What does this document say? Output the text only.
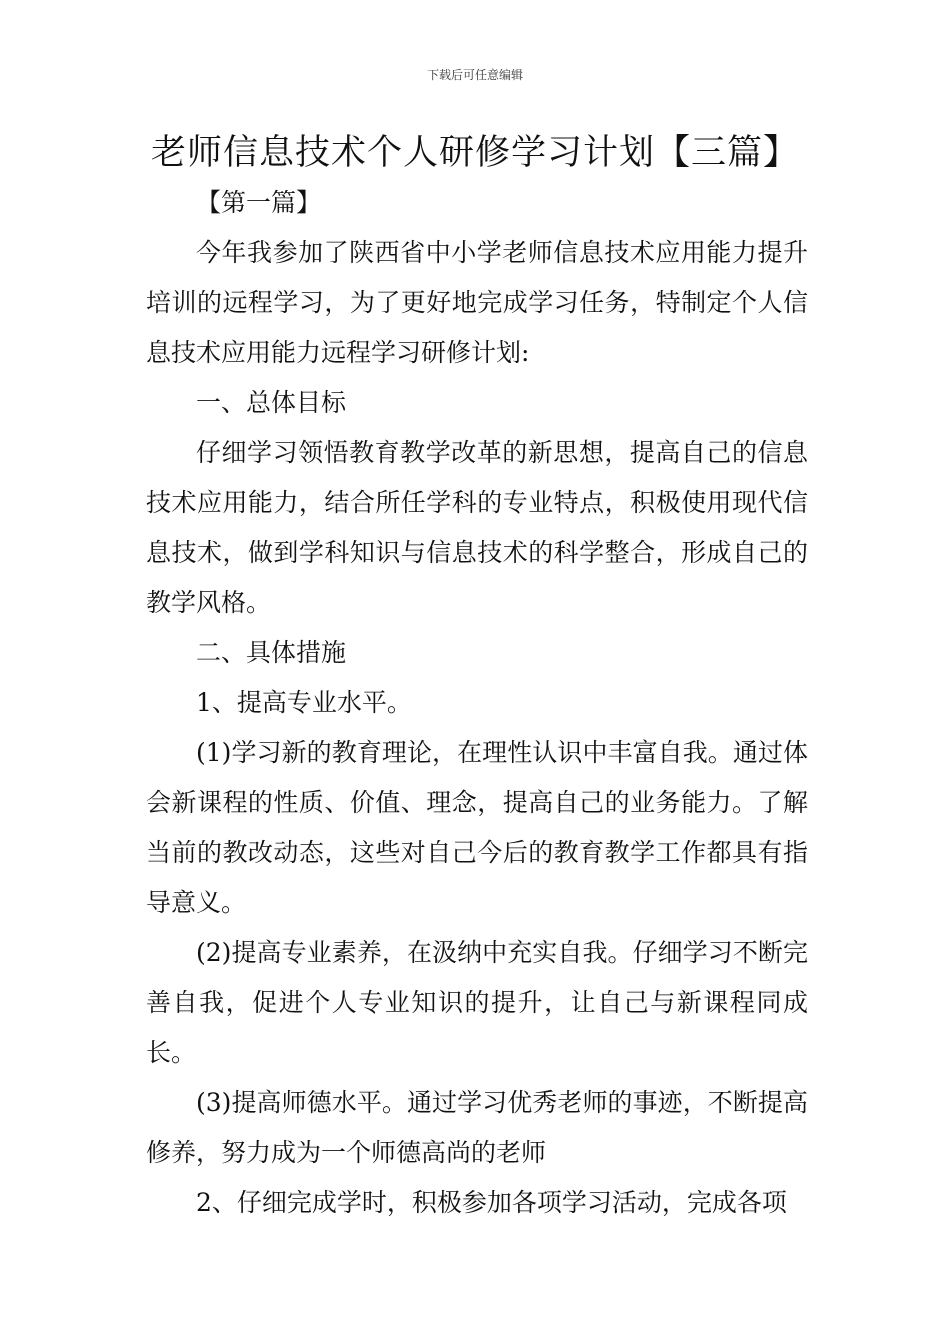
下载后可任意编辑
老师信息技术个人研修学习计划【三篇】

【第一篇】

今年我参加了陕西省中小学老师信息技术应用能力提升培训的远程学习，为了更好地完成学习任务，特制定个人信息技术应用能力远程学习研修计划:

一、总体目标

仔细学习领悟教育教学改革的新思想，提高自己的信息技术应用能力，结合所任学科的专业特点，积极使用现代信息技术，做到学科知识与信息技术的科学整合，形成自己的教学风格。

二、具体措施

1、提高专业水平。

(1)学习新的教育理论，在理性认识中丰富自我。通过体会新课程的性质、价值、理念，提高自己的业务能力。了解当前的教改动态，这些对自己今后的教育教学工作都具有指导意义。

(2)提高专业素养，在汲纳中充实自我。仔细学习不断完善自我，促进个人专业知识的提升，让自己与新课程同成长。

(3)提高师德水平。通过学习优秀老师的事迹，不断提高修养，努力成为一个师德高尚的老师

2、仔细完成学时，积极参加各项学习活动，完成各项
